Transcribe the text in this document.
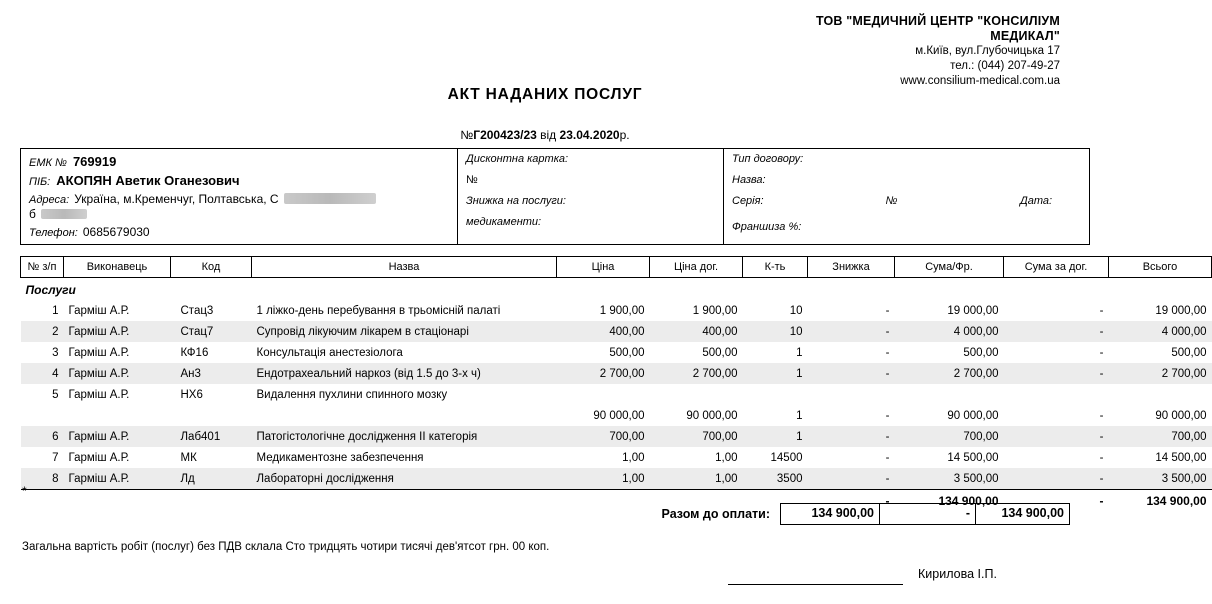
ТОВ "МЕДИЧНИЙ ЦЕНТР "КОНСИЛІУМ
МЕДИКАЛ"
м.Київ, вул.Глубочицька 17
тел.: (044) 207-49-27
www.consilium-medical.com.ua
АКТ НАДАНИХ ПОСЛУГ
№Г200423/23 від 23.04.2020р.
ЕМК № 769919
ПІБ: АКОПЯН Аветик Оганезович
Адреса: Україна, м.Кременчуг, Полтавська, С
б
Телефон: 0685679030

Дисконтна картка:
№
Знижка на послуги:
медикаменти:

Тип договору:
Назва:
Серія:	№	Дата:
Франшиза %:
№ з/п	Виконавець	Код	Назва	Ціна	Ціна дог.	К-ть	Знижка	Сума/Фр.	Сума за дог.	Всього
Послуги										
1	Гарміш А.Р.	Стац3	1 ліжко-день перебування в трьомісній палаті	1 900,00	1 900,00	10	-	19 000,00	-	19 000,00
2	Гарміш А.Р.	Стац7	Супровід лікуючим лікарем в стаціонарі	400,00	400,00	10	-	4 000,00	-	4 000,00
3	Гарміш А.Р.	КФ16	Консультація анестезіолога	500,00	500,00	1	-	500,00	-	500,00
4	Гарміш А.Р.	Ан3	Ендотрахеальний наркоз (від 1.5 до 3-х ч)	2 700,00	2 700,00	1	-	2 700,00	-	2 700,00
5	Гарміш А.Р.	НХ6	Видалення пухлини спинного мозку							
				90 000,00	90 000,00	1	-	90 000,00	-	90 000,00
6	Гарміш А.Р.	Лаб401	Патогістологічне дослідження ІІ категорія	700,00	700,00	1	-	700,00	-	700,00
7	Гарміш А.Р.	МК	Медикаментозне забезпечення	1,00	1,00	14500	-	14 500,00	-	14 500,00
8	Гарміш А.Р.	Лд	Лабораторні дослідження	1,00	1,00	3500	-	3 500,00	-	3 500,00
							-	134 900,00	-	134 900,00
*
Разом до оплати:	134 900,00	-	134 900,00
Загальна вартість робіт (послуг) без ПДВ склала Сто тридцять чотири тисячі дев'ятсот грн. 00 коп.
Кирилова І.П.
